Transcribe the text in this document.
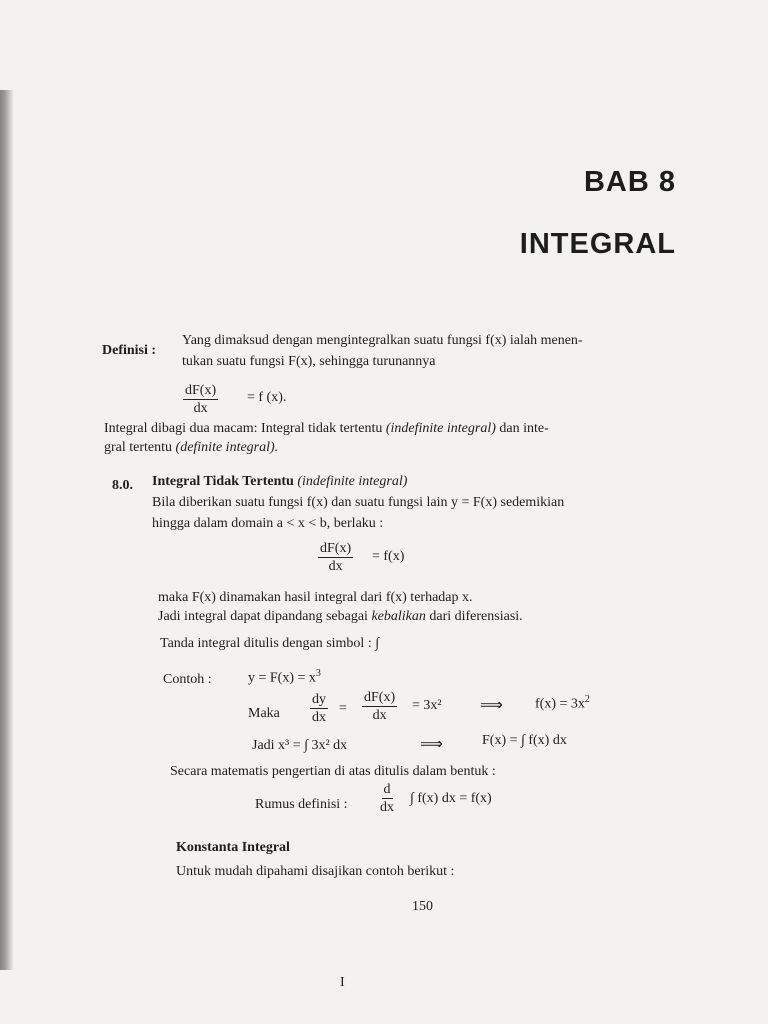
BAB 8
INTEGRAL
Definisi :
Yang dimaksud dengan mengintegralkan suatu fungsi f(x) ialah menen-
tukan suatu fungsi F(x), sehingga turunannya
$\frac{dF(x)}{dx} = f$ (x).
Integral dibagi dua macam: Integral tidak tertentu (indefinite integral) dan inte-
gral tertentu (definite integral).
8.0. Integral Tidak Tertentu (indefinite integral)
Bila diberikan suatu fungsi f(x) dan suatu fungsi lain y = F(x) sedemikian
hingga dalam domain a < x < b, berlaku :
$\frac{dF(x)}{dx} = f(x)$
maka F(x) dinamakan hasil integral dari f(x) terhadap x.
Jadi integral dapat dipandang sebagai kebalikan dari diferensiasi.
Tanda integral ditulis dengan simbol : ∫
Contoh :	$y = F(x) = x^3$
Maka $\frac{dy}{dx} = \frac{dF(x)}{dx} = 3x^2$ ⟹ $f(x) = 3x^2$
Jadi x³ = ∫ 3x² dx	⟹	F(x) = ∫ f(x) dx
Secara matematis pengertian di atas ditulis dalam bentuk :
Rumus definisi : $\frac{d}{dx}$ ∫ f(x) dx = f(x)
Konstanta Integral
Untuk mudah dipahami disajikan contoh berikut :
150
I
